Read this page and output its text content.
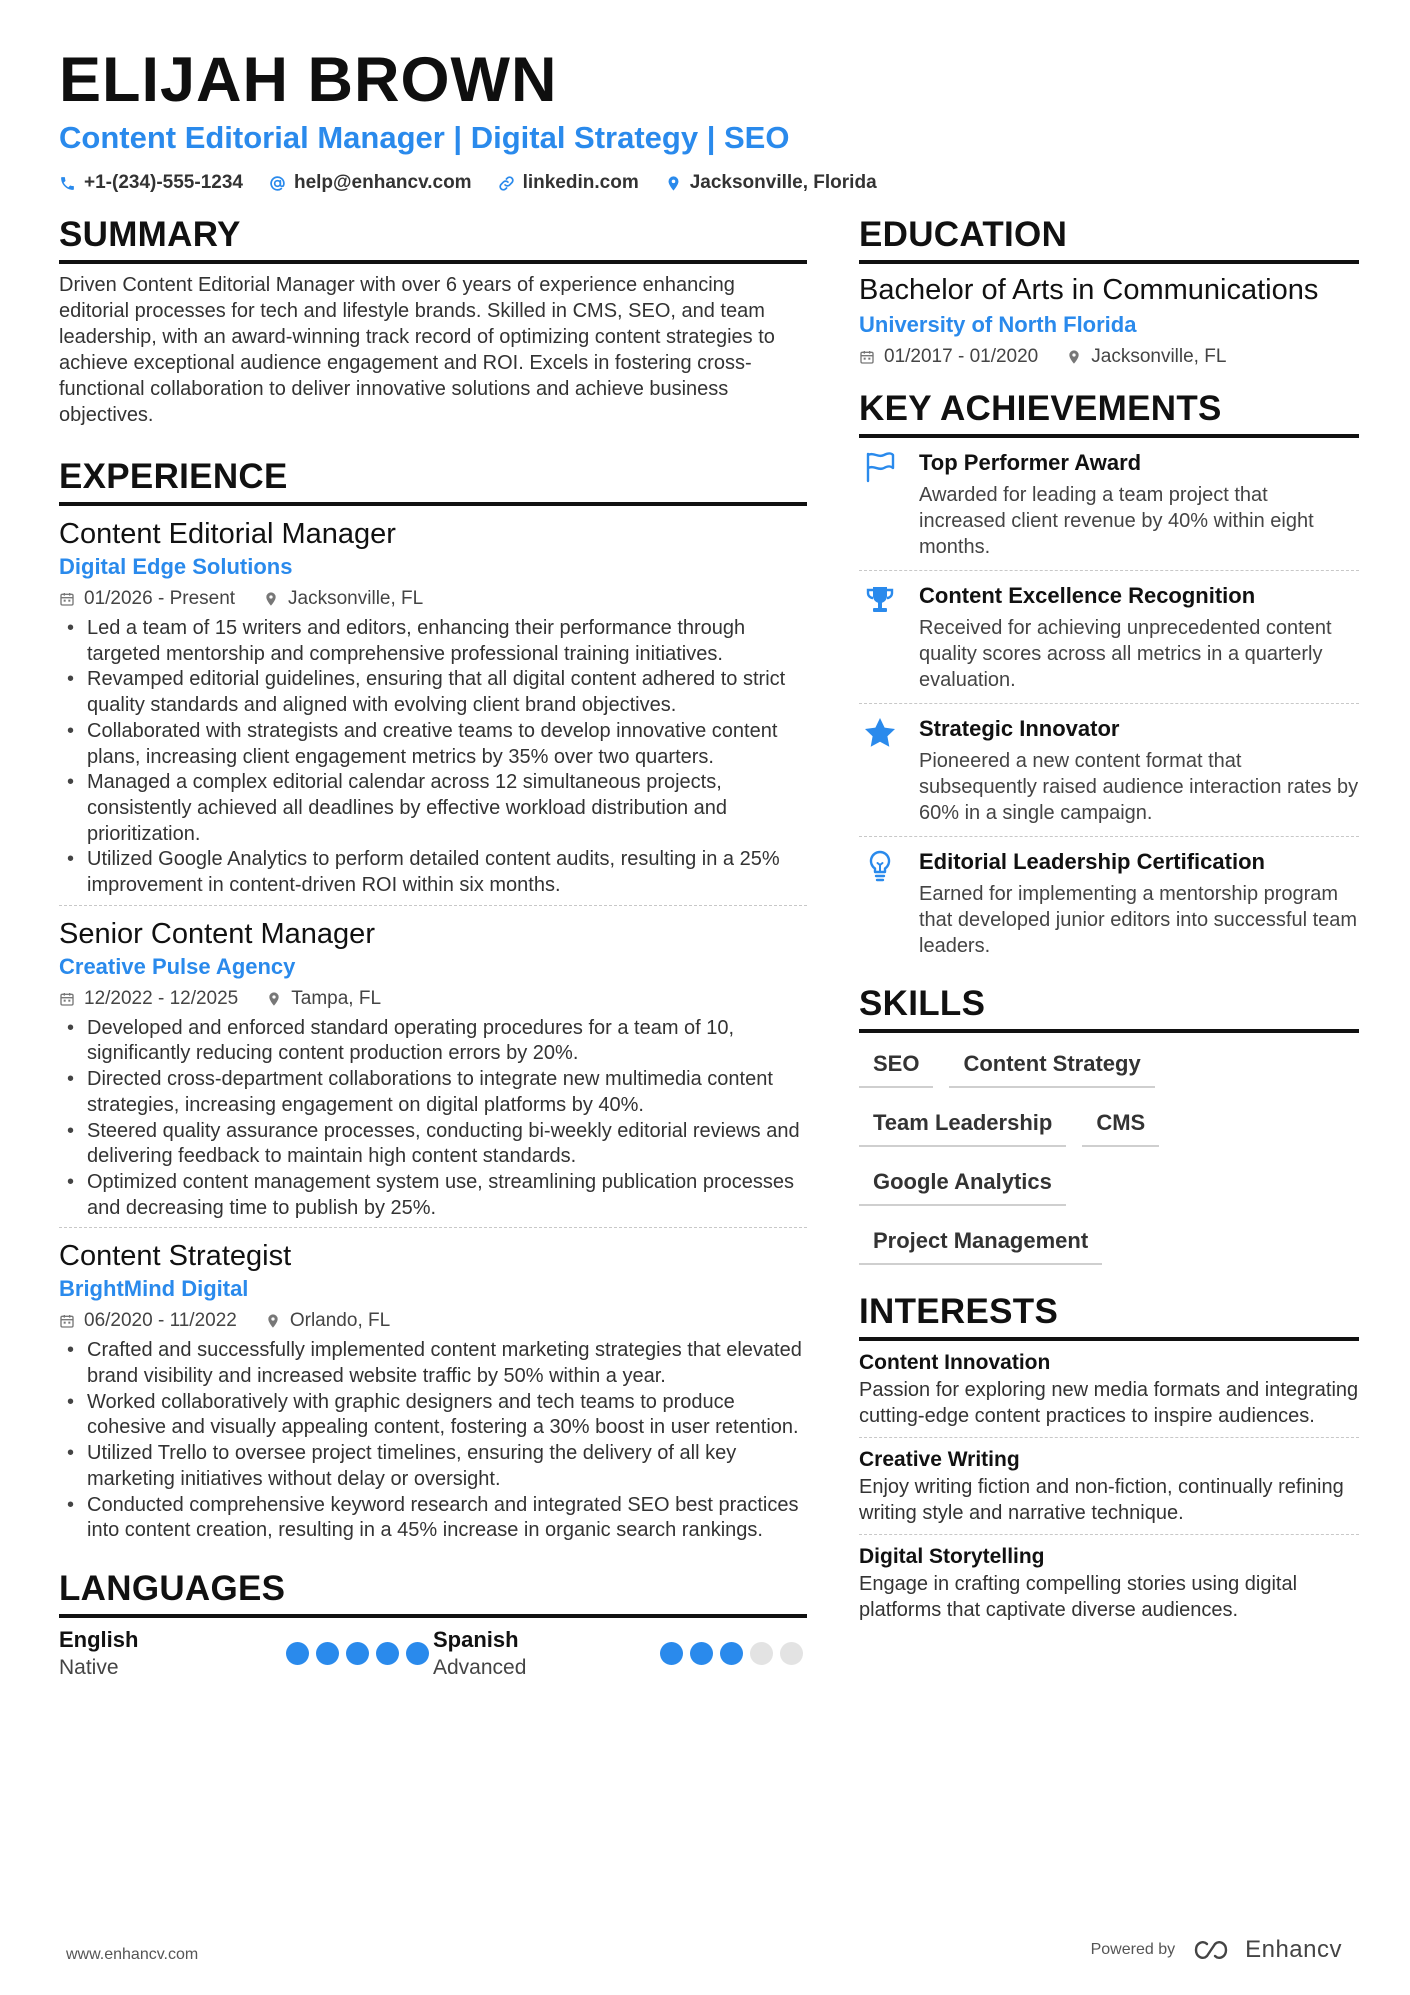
ELIJAH BROWN
Content Editorial Manager | Digital Strategy | SEO
+1-(234)-555-1234	help@enhancv.com	linkedin.com	Jacksonville, Florida
SUMMARY

Driven Content Editorial Manager with over 6 years of experience enhancing editorial processes for tech and lifestyle brands. Skilled in CMS, SEO, and team leadership, with an award-winning track record of optimizing content strategies to achieve exceptional audience engagement and ROI. Excels in fostering cross-functional collaboration to deliver innovative solutions and achieve business objectives.

EXPERIENCE
Content Editorial Manager
Digital Edge Solutions
01/2026 - Present	Jacksonville, FL
• Led a team of 15 writers and editors, enhancing their performance through targeted mentorship and comprehensive professional training initiatives.
• Revamped editorial guidelines, ensuring that all digital content adhered to strict quality standards and aligned with evolving client brand objectives.
• Collaborated with strategists and creative teams to develop innovative content plans, increasing client engagement metrics by 35% over two quarters.
• Managed a complex editorial calendar across 12 simultaneous projects, consistently achieved all deadlines by effective workload distribution and prioritization.
• Utilized Google Analytics to perform detailed content audits, resulting in a 25% improvement in content-driven ROI within six months.
Senior Content Manager
Creative Pulse Agency
12/2022 - 12/2025	Tampa, FL
• Developed and enforced standard operating procedures for a team of 10, significantly reducing content production errors by 20%.
• Directed cross-department collaborations to integrate new multimedia content strategies, increasing engagement on digital platforms by 40%.
• Steered quality assurance processes, conducting bi-weekly editorial reviews and delivering feedback to maintain high content standards.
• Optimized content management system use, streamlining publication processes and decreasing time to publish by 25%.
Content Strategist
BrightMind Digital
06/2020 - 11/2022	Orlando, FL
• Crafted and successfully implemented content marketing strategies that elevated brand visibility and increased website traffic by 50% within a year.
• Worked collaboratively with graphic designers and tech teams to produce cohesive and visually appealing content, fostering a 30% boost in user retention.
• Utilized Trello to oversee project timelines, ensuring the delivery of all key marketing initiatives without delay or oversight.
• Conducted comprehensive keyword research and integrated SEO best practices into content creation, resulting in a 45% increase in organic search rankings.
LANGUAGES
English
Native
Spanish
Advanced
EDUCATION
Bachelor of Arts in Communications
University of North Florida
01/2017 - 01/2020	Jacksonville, FL
KEY ACHIEVEMENTS
Top Performer Award
Awarded for leading a team project that increased client revenue by 40% within eight months.
Content Excellence Recognition
Received for achieving unprecedented content quality scores across all metrics in a quarterly evaluation.
Strategic Innovator
Pioneered a new content format that subsequently raised audience interaction rates by 60% in a single campaign.
Editorial Leadership Certification
Earned for implementing a mentorship program that developed junior editors into successful team leaders.
SKILLS
SEO	Content Strategy
Team Leadership	CMS
Google Analytics
Project Management
INTERESTS
Content Innovation
Passion for exploring new media formats and integrating cutting-edge content practices to inspire audiences.
Creative Writing
Enjoy writing fiction and non-fiction, continually refining writing style and narrative technique.
Digital Storytelling
Engage in crafting compelling stories using digital platforms that captivate diverse audiences.
www.enhancv.com	Powered by	Enhancv
